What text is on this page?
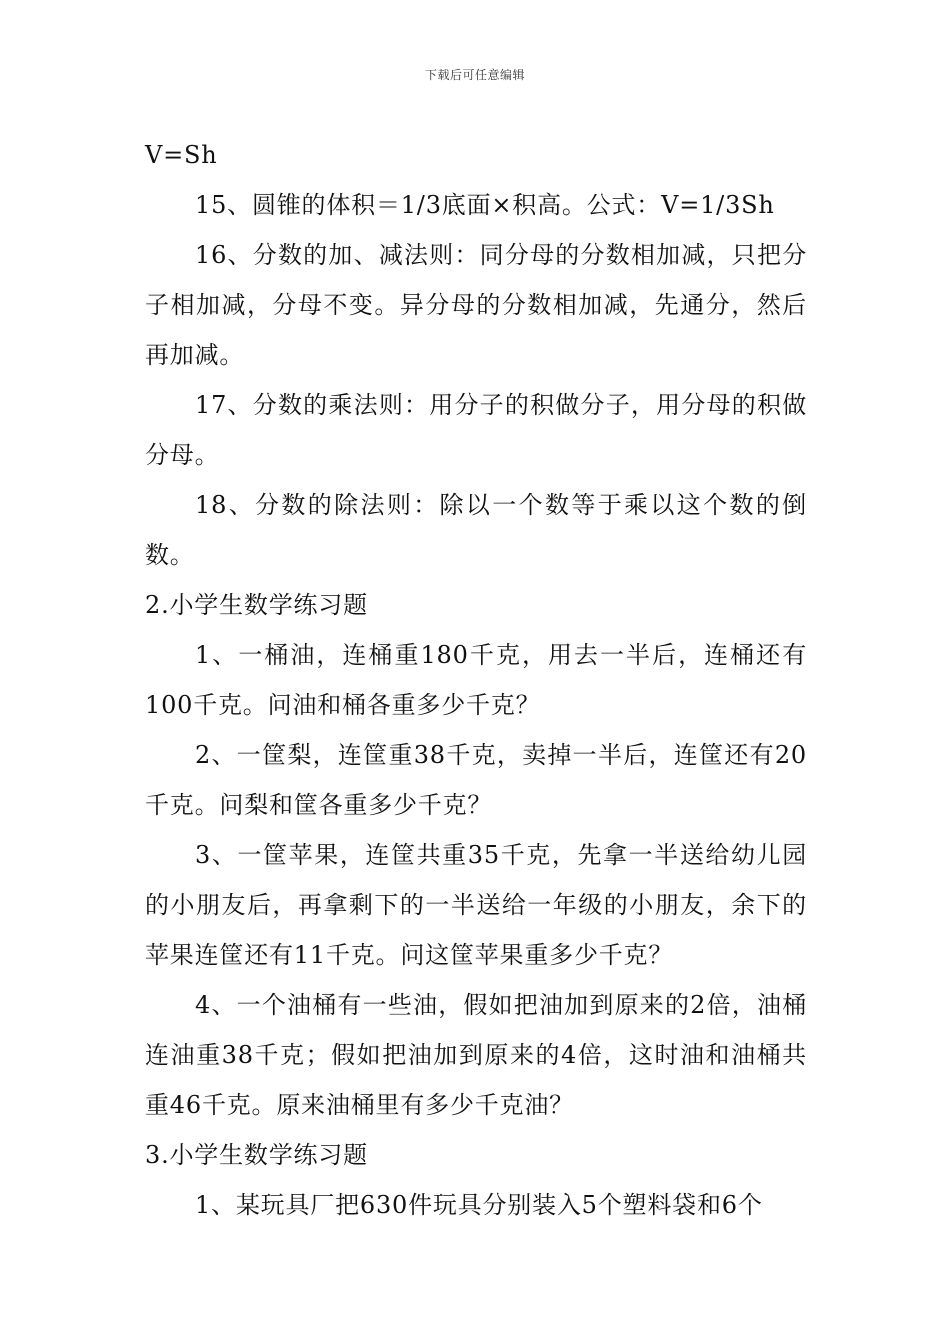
下载后可任意编辑

V=Sh

15、圆锥的体积＝1/3底面×积高。公式：V=1/3Sh

16、分数的加、减法则：同分母的分数相加减，只把分子相加减，分母不变。异分母的分数相加减，先通分，然后再加减。

17、分数的乘法则：用分子的积做分子，用分母的积做分母。

18、分数的除法则：除以一个数等于乘以这个数的倒数。

2.小学生数学练习题

1、一桶油，连桶重180千克，用去一半后，连桶还有100千克。问油和桶各重多少千克？

2、一筐梨，连筐重38千克，卖掉一半后，连筐还有20千克。问梨和筐各重多少千克？

3、一筐苹果，连筐共重35千克，先拿一半送给幼儿园的小朋友后，再拿剩下的一半送给一年级的小朋友，余下的苹果连筐还有11千克。问这筐苹果重多少千克？

4、一个油桶有一些油，假如把油加到原来的2倍，油桶连油重38千克；假如把油加到原来的4倍，这时油和油桶共重46千克。原来油桶里有多少千克油？

3.小学生数学练习题

1、某玩具厂把630件玩具分别装入5个塑料袋和6个
